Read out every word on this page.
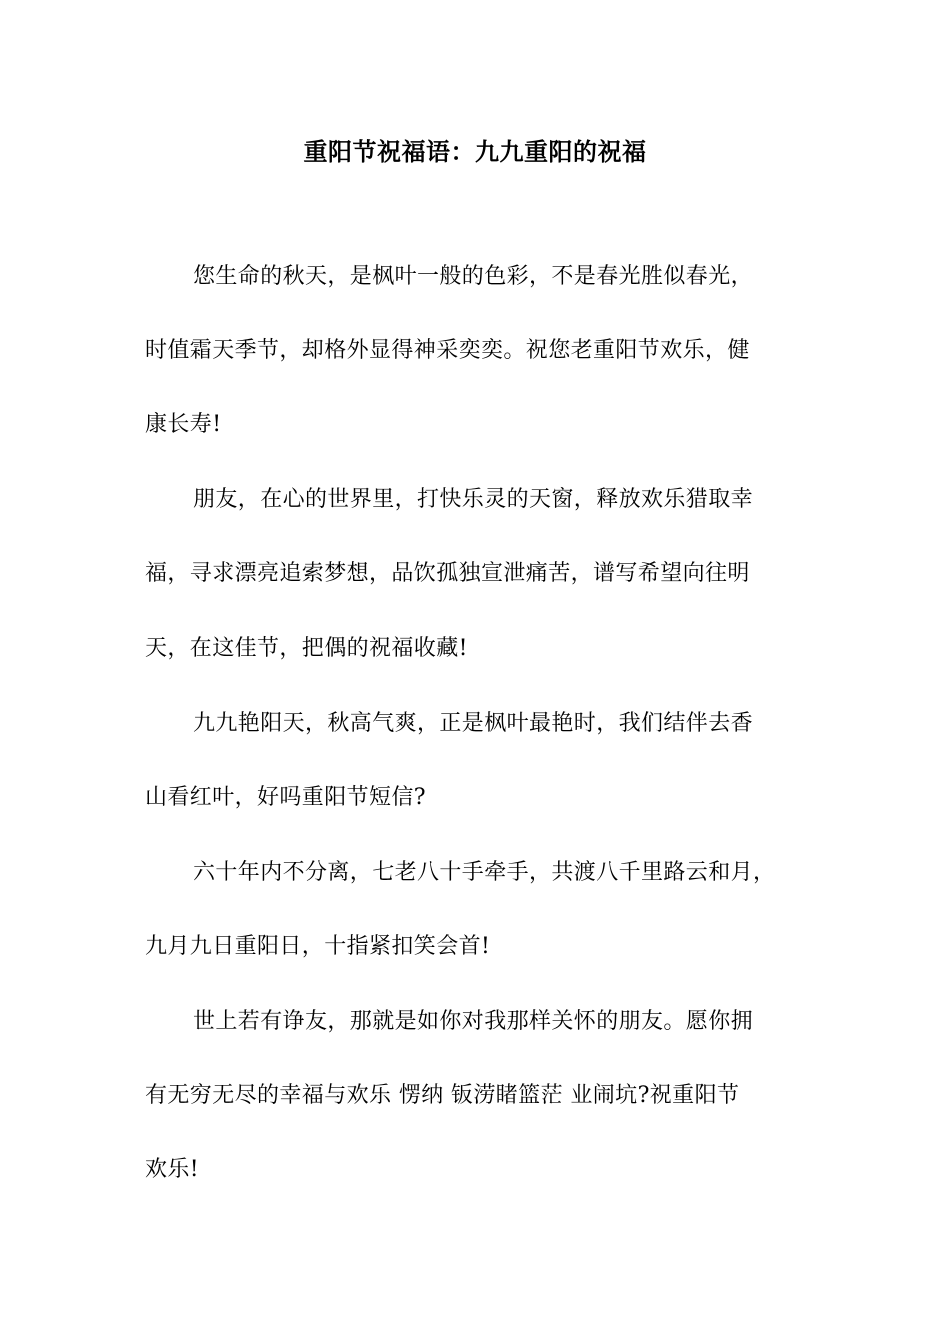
重阳节祝福语：九九重阳的祝福
您生命的秋天，是枫叶一般的色彩，不是春光胜似春光，
时值霜天季节，却格外显得神采奕奕。祝您老重阳节欢乐，健
康长寿!
朋友，在心的世界里，打快乐灵的天窗，释放欢乐猎取幸
福，寻求漂亮追索梦想，品饮孤独宣泄痛苦，谱写希望向往明
天，在这佳节，把偶的祝福收藏!
九九艳阳天，秋高气爽，正是枫叶最艳时，我们结伴去香
山看红叶，好吗重阳节短信?
六十年内不分离，七老八十手牵手，共渡八千里路云和月，
九月九日重阳日，十指紧扣笑会首!
世上若有诤友，那就是如你对我那样关怀的朋友。愿你拥
有无穷无尽的幸福与欢乐 愣纳 钣涝睹篮茫 业闹坑?祝重阳节
欢乐!
